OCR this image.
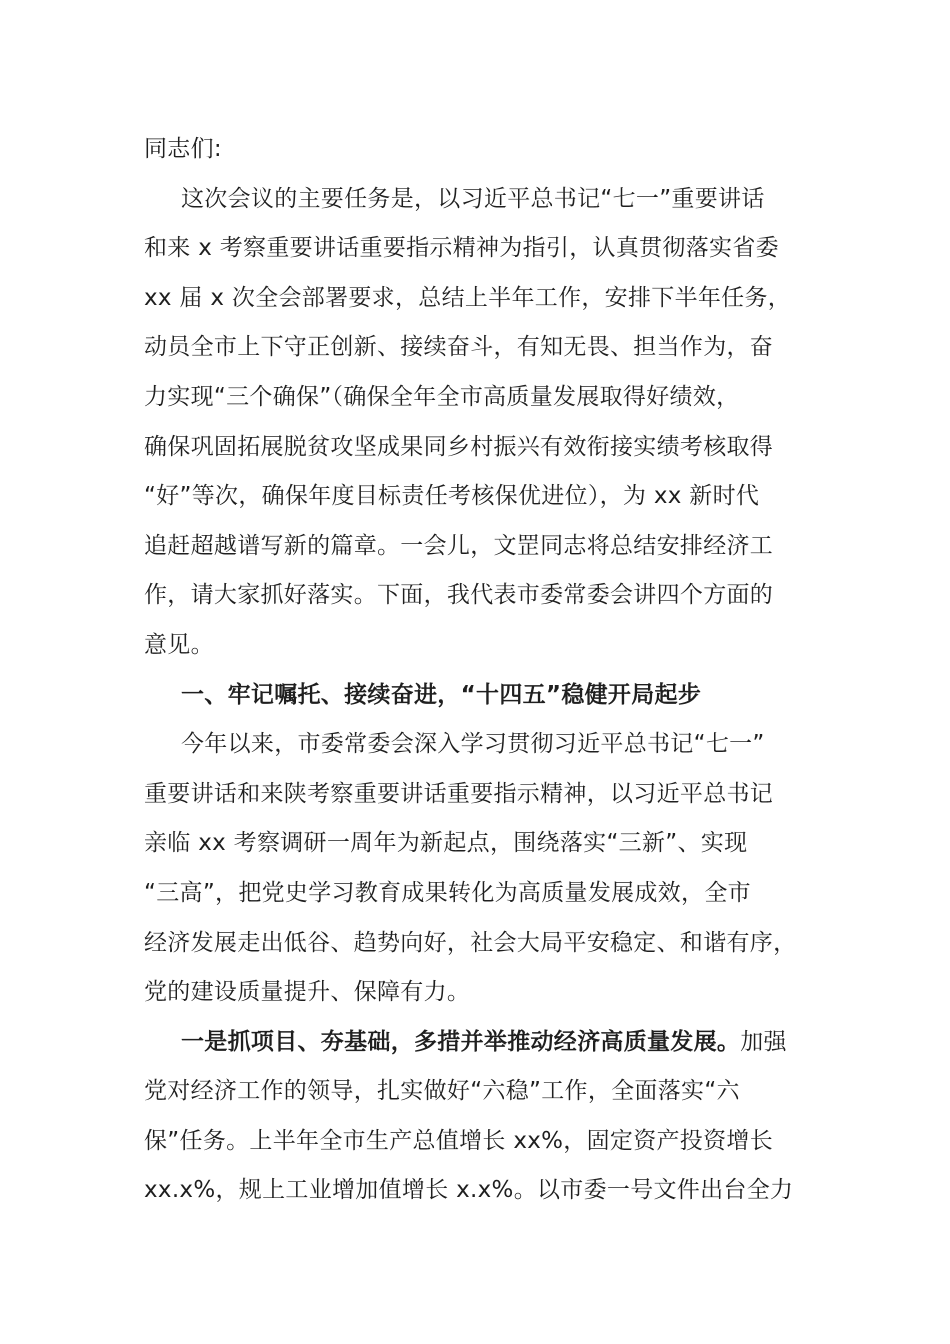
同志们:
这次会议的主要任务是，以习近平总书记“七一”重要讲话
和来 x 考察重要讲话重要指示精神为指引，认真贯彻落实省委
xx 届 x 次全会部署要求，总结上半年工作，安排下半年任务，
动员全市上下守正创新、接续奋斗，有知无畏、担当作为，奋
力实现“三个确保”（确保全年全市高质量发展取得好绩效，
确保巩固拓展脱贫攻坚成果同乡村振兴有效衔接实绩考核取得
“好”等次，确保年度目标责任考核保优进位），为 xx 新时代
追赶超越谱写新的篇章。一会儿，文罡同志将总结安排经济工
作，请大家抓好落实。下面，我代表市委常委会讲四个方面的
意见。
一、牢记嘱托、接续奋进，“十四五”稳健开局起步
今年以来，市委常委会深入学习贯彻习近平总书记“七一”
重要讲话和来陕考察重要讲话重要指示精神，以习近平总书记
亲临 xx 考察调研一周年为新起点，围绕落实“三新”、实现
“三高”，把党史学习教育成果转化为高质量发展成效，全市
经济发展走出低谷、趋势向好，社会大局平安稳定、和谐有序，
党的建设质量提升、保障有力。
一是抓项目、夯基础，多措并举推动经济高质量发展。加强
党对经济工作的领导，扎实做好“六稳”工作，全面落实“六
保”任务。上半年全市生产总值增长 xx%，固定资产投资增长
xx.x%，规上工业增加值增长 x.x%。以市委一号文件出台全力
